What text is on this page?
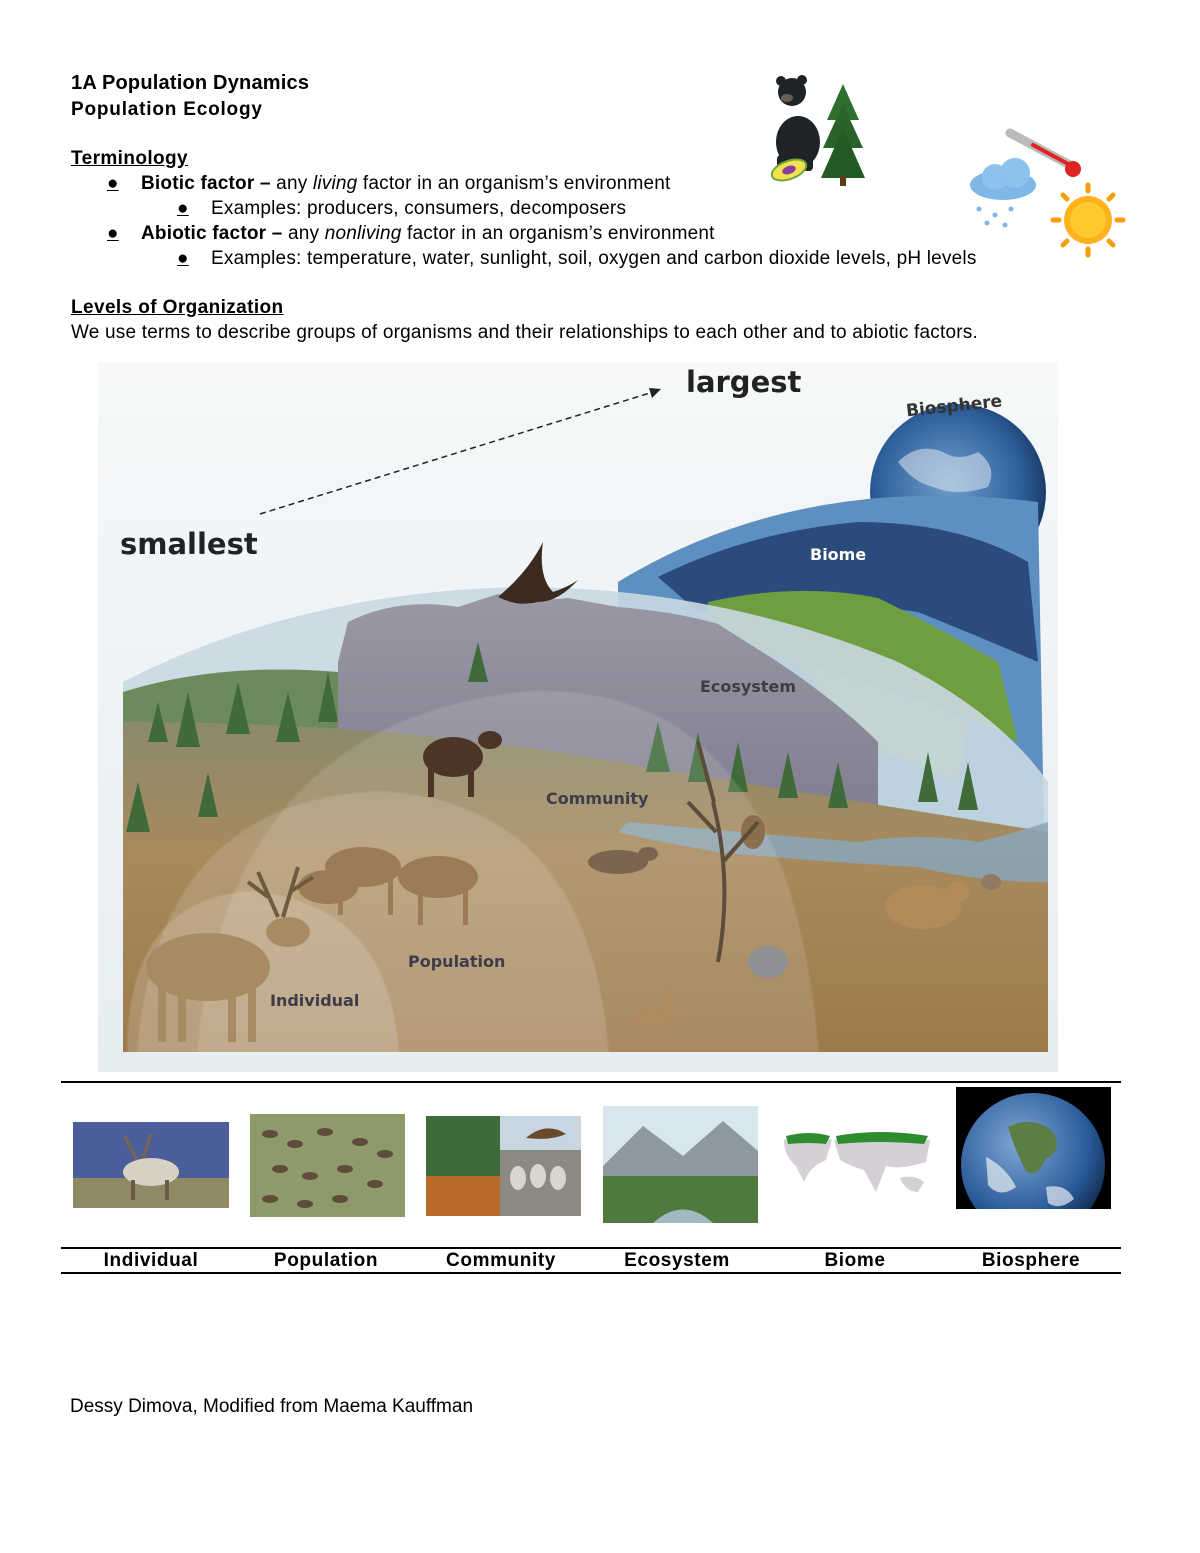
1A Population Dynamics
Population Ecology
Terminology
● Biotic factor – any living factor in an organism’s environment
● Examples: producers, consumers, decomposers
● Abiotic factor – any nonliving factor in an organism’s environment
● Examples: temperature, water, sunlight, soil, oxygen and carbon dioxide levels, pH levels
Levels of Organization
We use terms to describe groups of organisms and their relationships to each other and to abiotic factors.
smallest
largest
Biosphere
Biome
Ecosystem
Community
Population
Individual
Individual	Population	Community	Ecosystem	Biome	Biosphere
Dessy Dimova, Modified from Maema Kauffman
